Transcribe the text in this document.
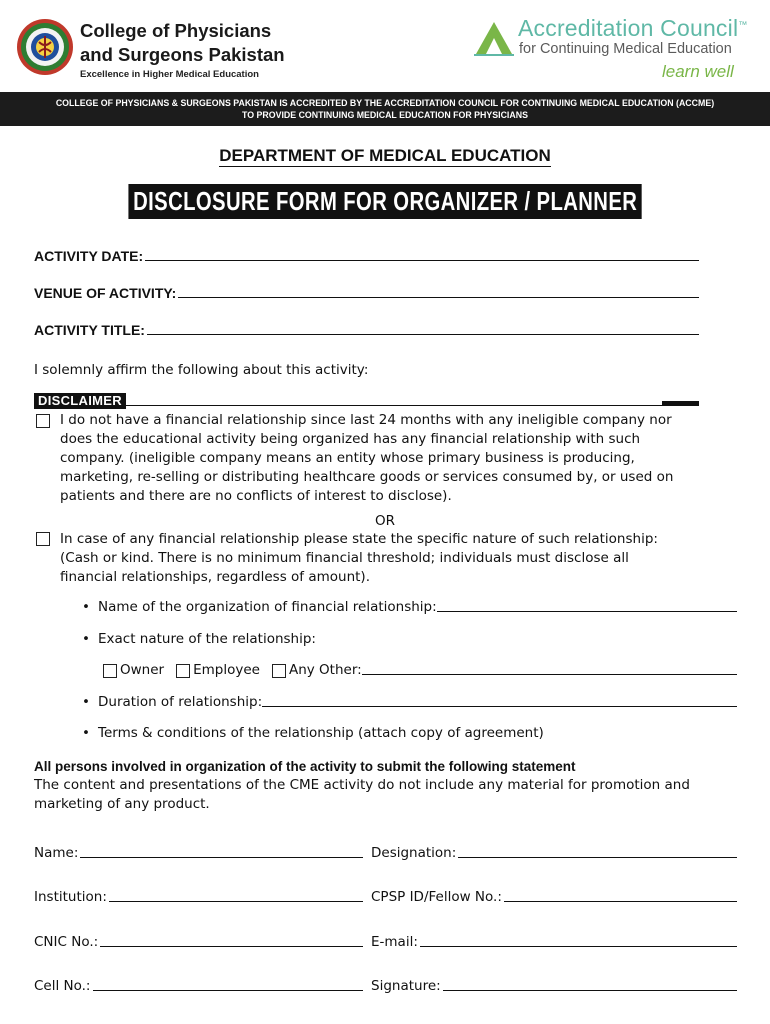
College of Physicians
and Surgeons Pakistan
Excellence in Higher Medical Education
Accreditation Council™
for Continuing Medical Education
learn well
COLLEGE OF PHYSICIANS & SURGEONS PAKISTAN IS ACCREDITED BY THE ACCREDITATION COUNCIL FOR CONTINUING MEDICAL EDUCATION (ACCME)
TO PROVIDE CONTINUING MEDICAL EDUCATION FOR PHYSICIANS
DEPARTMENT OF MEDICAL EDUCATION
DISCLOSURE FORM FOR ORGANIZER / PLANNER
ACTIVITY DATE:
VENUE OF ACTIVITY:
ACTIVITY TITLE:
I solemnly affirm the following about this activity:
DISCLAIMER
I do not have a financial relationship since last 24 months with any ineligible company nor
does the educational activity being organized has any financial relationship with such
company. (ineligible company means an entity whose primary business is producing,
marketing, re-selling or distributing healthcare goods or services consumed by, or used on
patients and there are no conflicts of interest to disclose).
OR
In case of any financial relationship please state the specific nature of such relationship:
(Cash or kind. There is no minimum financial threshold; individuals must disclose all
financial relationships, regardless of amount).
• Name of the organization of financial relationship:
• Exact nature of the relationship:
Owner Employee Any Other:
• Duration of relationship:
• Terms & conditions of the relationship (attach copy of agreement)
All persons involved in organization of the activity to submit the following statement
The content and presentations of the CME activity do not include any material for promotion and
marketing of any product.
Name:	Designation:
Institution:	CPSP ID/Fellow No.:
CNIC No.:	E-mail:
Cell No.:	Signature:
